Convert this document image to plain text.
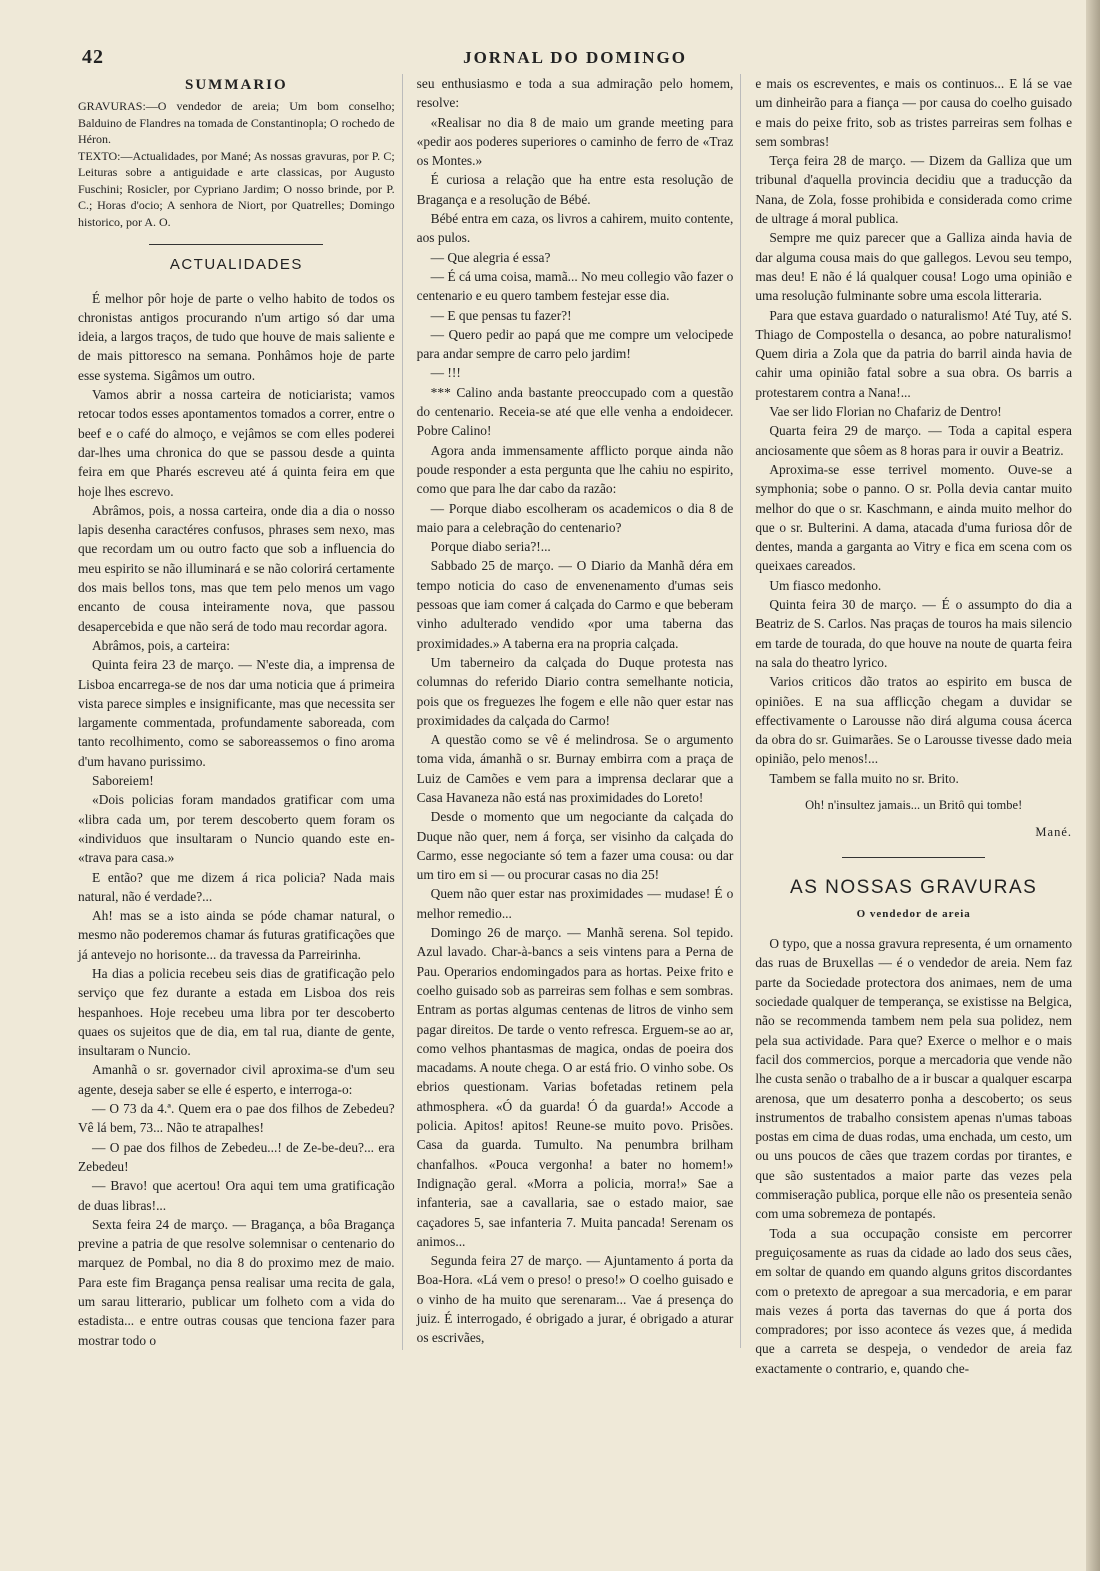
42	JORNAL DO DOMINGO
SUMMARIO

GRAVURAS:—O vendedor de areia; Um bom conselho; Balduino de Flandres na tomada de Constantinopla; O rochedo de Héron.

TEXTO:—Actualidades, por Mané; As nossas gravuras, por P. C; Leituras sobre a antiguidade e arte classicas, por Augusto Fuschini; Rosicler, por Cypriano Jardim; O nosso brinde, por P. C.; Horas d'ocio; A senhora de Niort, por Quatrelles; Domingo historico, por A. O.

ACTUALIDADES

É melhor pôr hoje de parte o velho habito de todos os chronistas antigos procurando n'um artigo só dar uma ideia, a largos traços, de tudo que houve de mais saliente e de mais pittoresco na semana. Ponhâmos hoje de parte esse systema. Sigâmos um outro.

Vamos abrir a nossa carteira de noticiarista; vamos retocar todos esses apontamentos tomados a correr, entre o beef e o café do almoço, e vejâmos se com elles poderei dar-lhes uma chronica do que se passou desde a quinta feira em que Pharés escreveu até á quinta feira em que hoje lhes escrevo.

Abrâmos, pois, a nossa carteira, onde dia a dia o nosso lapis desenha caractéres confusos, phrases sem nexo, mas que recordam um ou outro facto que sob a influencia do meu espirito se não illuminará e se não colorirá certamente dos mais bellos tons, mas que tem pelo menos um vago encanto de cousa inteiramente nova, que passou desapercebida e que não será de todo mau recordar agora.

Abrâmos, pois, a carteira:

Quinta feira 23 de março. — N'este dia, a imprensa de Lisboa encarrega-se de nos dar uma noticia que á primeira vista parece simples e insignificante, mas que necessita ser largamente commentada, profundamente saboreada, com tanto recolhimento, como se saboreassemos o fino aroma d'um havano purissimo.

Saboreiem!

«Dois policias foram mandados gratificar com uma «libra cada um, por terem descoberto quem foram os «individuos que insultaram o Nuncio quando este en- «trava para casa.»

E então? que me dizem á rica policia? Nada mais natural, não é verdade?...

Ah! mas se a isto ainda se póde chamar natural, o mesmo não poderemos chamar ás futuras gratificações que já antevejo no horisonte... da travessa da Parreirinha.

Ha dias a policia recebeu seis dias de gratificação pelo serviço que fez durante a estada em Lisboa dos reis hespanhoes. Hoje recebeu uma libra por ter descoberto quaes os sujeitos que de dia, em tal rua, diante de gente, insultaram o Nuncio.

Amanhã o sr. governador civil aproxima-se d'um seu agente, deseja saber se elle é esperto, e interroga-o:

— O 73 da 4.ª. Quem era o pae dos filhos de Zebedeu? Vê lá bem, 73... Não te atrapalhes!

— O pae dos filhos de Zebedeu...! de Ze-be-deu?... era Zebedeu!

— Bravo! que acertou! Ora aqui tem uma gratificação de duas libras!...

Sexta feira 24 de março. — Bragança, a bôa Bragança previne a patria de que resolve solemnisar o centenario do marquez de Pombal, no dia 8 do proximo mez de maio. Para este fim Bragança pensa realisar uma recita de gala, um sarau litterario, publicar um folheto com a vida do estadista... e entre outras cousas que tenciona fazer para mostrar todo o

seu enthusiasmo e toda a sua admiração pelo homem, resolve:

«Realisar no dia 8 de maio um grande meeting para «pedir aos poderes superiores o caminho de ferro de «Traz os Montes.»

É curiosa a relação que ha entre esta resolução de Bragança e a resolução de Bébé.

Bébé entra em caza, os livros a cahirem, muito contente, aos pulos.

— Que alegria é essa?

— É cá uma coisa, mamã... No meu collegio vão fazer o centenario e eu quero tambem festejar esse dia.

— E que pensas tu fazer?!

— Quero pedir ao papá que me compre um velocipede para andar sempre de carro pelo jardim!

— !!!

*** Calino anda bastante preoccupado com a questão do centenario. Receia-se até que elle venha a endoidecer. Pobre Calino!

Agora anda immensamente afflicto porque ainda não poude responder a esta pergunta que lhe cahiu no espirito, como que para lhe dar cabo da razão:

— Porque diabo escolheram os academicos o dia 8 de maio para a celebração do centenario?

Porque diabo seria?!...

Sabbado 25 de março. — O Diario da Manhã déra em tempo noticia do caso de envenenamento d'umas seis pessoas que iam comer á calçada do Carmo e que beberam vinho adulterado vendido «por uma taberna das proximidades.» A taberna era na propria calçada.

Um taberneiro da calçada do Duque protesta nas columnas do referido Diario contra semelhante noticia, pois que os freguezes lhe fogem e elle não quer estar nas proximidades da calçada do Carmo!

A questão como se vê é melindrosa. Se o argumento toma vida, ámanhã o sr. Burnay embirra com a praça de Luiz de Camões e vem para a imprensa declarar que a Casa Havaneza não está nas proximidades do Loreto!

Desde o momento que um negociante da calçada do Duque não quer, nem á força, ser visinho da calçada do Carmo, esse negociante só tem a fazer uma cousa: ou dar um tiro em si — ou procurar casas no dia 25!

Quem não quer estar nas proximidades — mudase! É o melhor remedio...

Domingo 26 de março. — Manhã serena. Sol tepido. Azul lavado. Char-à-bancs a seis vintens para a Perna de Pau. Operarios endomingados para as hortas. Peixe frito e coelho guisado sob as parreiras sem folhas e sem sombras. Entram as portas algumas centenas de litros de vinho sem pagar direitos. De tarde o vento refresca. Erguem-se ao ar, como velhos phantasmas de magica, ondas de poeira dos macadams. A noute chega. O ar está frio. O vinho sobe. Os ebrios questionam. Varias bofetadas retinem pela athmosphera. «Ó da guarda! Ó da guarda!» Accode a policia. Apitos! apitos! Reune-se muito povo. Prisões. Casa da guarda. Tumulto. Na penumbra brilham chanfalhos. «Pouca vergonha! a bater no homem!» Indignação geral. «Morra a policia, morra!» Sae a infanteria, sae a cavallaria, sae o estado maior, sae caçadores 5, sae infanteria 7. Muita pancada! Serenam os animos...

Segunda feira 27 de março. — Ajuntamento á porta da Boa-Hora. «Lá vem o preso! o preso!» O coelho guisado e o vinho de ha muito que serenaram... Vae á presença do juiz. É interrogado, é obrigado a jurar, é obrigado a aturar os escrivães,

e mais os escreventes, e mais os continuos... E lá se vae um dinheirão para a fiança — por causa do coelho guisado e mais do peixe frito, sob as tristes parreiras sem folhas e sem sombras!

Terça feira 28 de março. — Dizem da Galliza que um tribunal d'aquella provincia decidiu que a traducção da Nana, de Zola, fosse prohibida e considerada como crime de ultrage á moral publica.

Sempre me quiz parecer que a Galliza ainda havia de dar alguma cousa mais do que gallegos. Levou seu tempo, mas deu! E não é lá qualquer cousa! Logo uma opinião e uma resolução fulminante sobre uma escola litteraria.

Para que estava guardado o naturalismo! Até Tuy, até S. Thiago de Compostella o desanca, ao pobre naturalismo! Quem diria a Zola que da patria do barril ainda havia de cahir uma opinião fatal sobre a sua obra. Os barris a protestarem contra a Nana!...

Vae ser lido Florian no Chafariz de Dentro!

Quarta feira 29 de março. — Toda a capital espera anciosamente que sôem as 8 horas para ir ouvir a Beatriz.

Aproxima-se esse terrivel momento. Ouve-se a symphonia; sobe o panno. O sr. Polla devia cantar muito melhor do que o sr. Kaschmann, e ainda muito melhor do que o sr. Bulterini. A dama, atacada d'uma furiosa dôr de dentes, manda a garganta ao Vitry e fica em scena com os queixaes careados.

Um fiasco medonho.

Quinta feira 30 de março. — É o assumpto do dia a Beatriz de S. Carlos. Nas praças de touros ha mais silencio em tarde de tourada, do que houve na noute de quarta feira na sala do theatro lyrico.

Varios criticos dão tratos ao espirito em busca de opiniões. E na sua afflicção chegam a duvidar se effectivamente o Larousse não dirá alguma cousa ácerca da obra do sr. Guimarães. Se o Larousse tivesse dado meia opinião, pelo menos!...

Tambem se falla muito no sr. Brito.

Oh! n'insultez jamais... un Britô qui tombe!
Mané.
AS NOSSAS GRAVURAS
O vendedor de areia

O typo, que a nossa gravura representa, é um ornamento das ruas de Bruxellas — é o vendedor de areia. Nem faz parte da Sociedade protectora dos animaes, nem de uma sociedade qualquer de temperança, se existisse na Belgica, não se recommenda tambem nem pela sua polidez, nem pela sua actividade. Para que? Exerce o melhor e o mais facil dos commercios, porque a mercadoria que vende não lhe custa senão o trabalho de a ir buscar a qualquer escarpa arenosa, que um desaterro ponha a descoberto; os seus instrumentos de trabalho consistem apenas n'umas taboas postas em cima de duas rodas, uma enchada, um cesto, um ou uns poucos de cães que trazem cordas por tirantes, e que são sustentados a maior parte das vezes pela commiseração publica, porque elle não os presenteia senão com uma sobremeza de pontapés.

Toda a sua occupação consiste em percorrer preguiçosamente as ruas da cidade ao lado dos seus cães, em soltar de quando em quando alguns gritos discordantes com o pretexto de apregoar a sua mercadoria, e em parar mais vezes á porta das tavernas do que á porta dos compradores; por isso acontece ás vezes que, á medida que a carreta se despeja, o vendedor de areia faz exactamente o contrario, e, quando che-
